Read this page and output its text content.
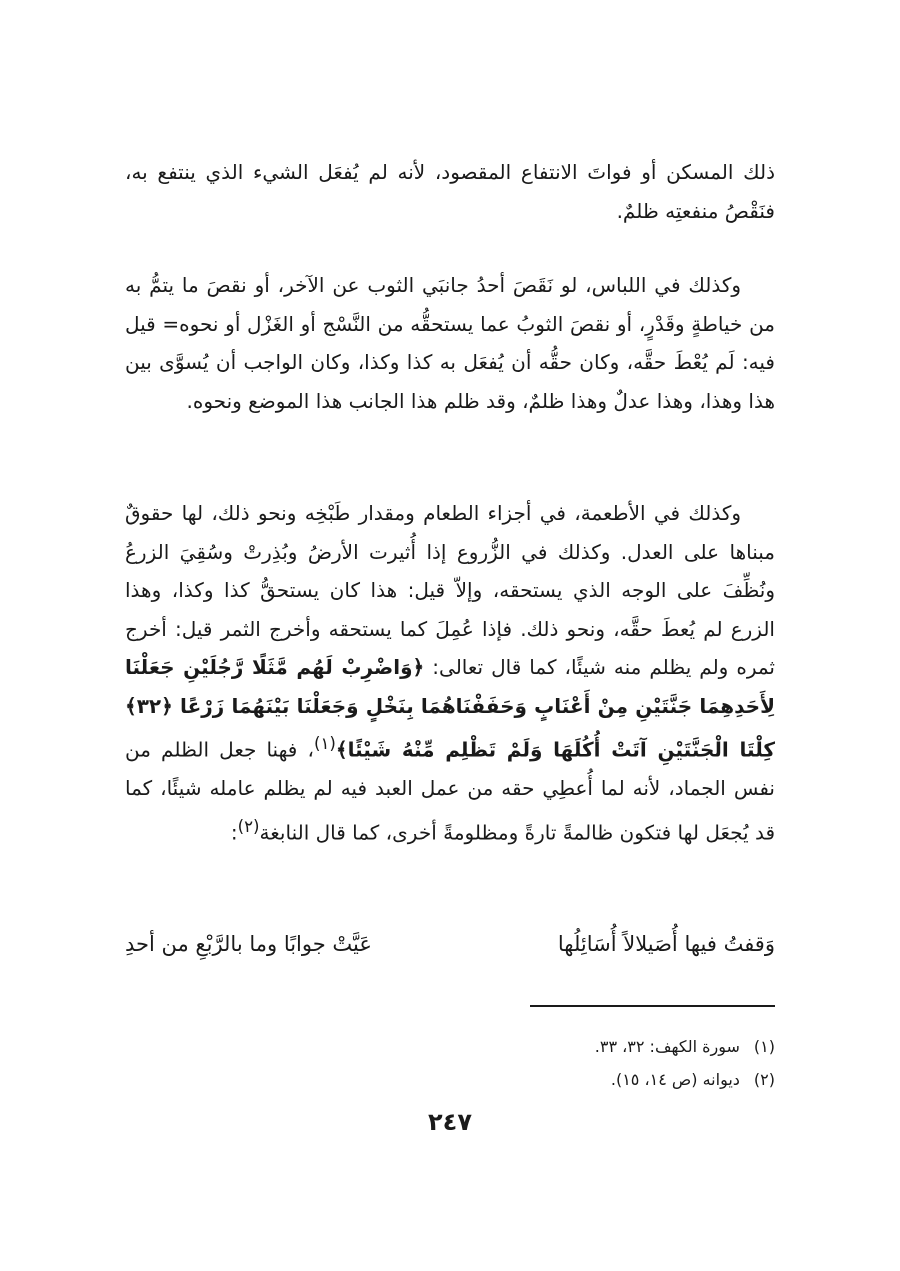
ذلك المسكن أو فواتَ الانتفاع المقصود، لأنه لم يُفعَل الشيء الذي ينتفع به، فنَقْصُ منفعتِه ظلمٌ.

وكذلك في اللباس، لو نَقَصَ أحدُ جانبَي الثوب عن الآخر، أو نقصَ ما يتمُّ به من خياطةٍ وقَدْرٍ، أو نقصَ الثوبُ عما يستحقُّه من النَّسْج أو الغَزْل أو نحوه= قيل فيه: لَم يُعْطَ حقَّه، وكان حقُّه أن يُفعَل به كذا وكذا، وكان الواجب أن يُسوَّى بين هذا وهذا، وهذا عدلٌ وهذا ظلمٌ، وقد ظلم هذا الجانب هذا الموضع ونحوه.

وكذلك في الأطعمة، في أجزاء الطعام ومقدار طَبْخِه ونحو ذلك، لها حقوقٌ مبناها على العدل. وكذلك في الزُّروع إذا أُثيرت الأرضُ وبُذِرتْ وسُقِيَ الزرعُ ونُظِّفَ على الوجه الذي يستحقه، وإلاّ قيل: هذا كان يستحقُّ كذا وكذا، وهذا الزرع لم يُعطَ حقَّه، ونحو ذلك. فإذا عُمِلَ كما يستحقه وأخرج الثمر قيل: أخرج ثمره ولم يظلم منه شيئًا، كما قال تعالى: ﴿وَاضْرِبْ لَهُم مَّثَلًا رَّجُلَيْنِ جَعَلْنَا لِأَحَدِهِمَا جَنَّتَيْنِ مِنْ أَعْنَابٍ وَحَفَفْنَاهُمَا بِنَخْلٍ وَجَعَلْنَا بَيْنَهُمَا زَرْعًا ﴿٣٢﴾ كِلْتَا الْجَنَّتَيْنِ آتَتْ أُكُلَهَا وَلَمْ تَظْلِم مِّنْهُ شَيْئًا﴾$^{(١)}$، فهنا جعل الظلم من نفس الجماد، لأنه لما أُعطِي حقه من عمل العبد فيه لم يظلم عامله شيئًا، كما قد يُجعَل لها فتكون ظالمةً تارةً ومظلومةً أخرى، كما قال النابغة$^{(٢)}$:

وَقفتُ فيها أُصَيلالاً أُسَائِلُها
عَيَّتْ جوابًا وما بالرَّبْعِ من أحدِ
(١)
سورة الكهف: ٣٢، ٣٣.
(٢)
ديوانه (ص ١٤، ١٥).
٢٤٧
